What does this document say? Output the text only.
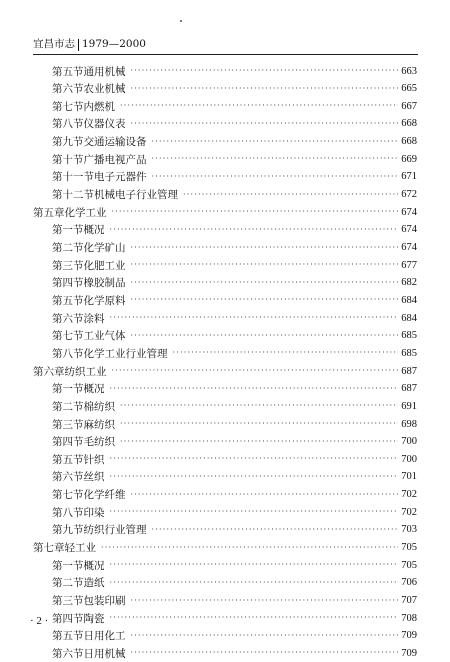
宜昌市志 1979—2000
第五节 通用机械 ·····	663
第六节 农业机械 ·····	665
第七节 内燃机 ·····	667
第八节 仪器仪表 ·····	668
第九节 交通运输设备 ·····	668
第十节 广播电视产品 ·····	669
第十一节 电子元器件 ·····	671
第十二节 机械电子行业管理 ·····	672
第五章 化学工业 ·····	674
第一节 概况 ·····	674
第二节 化学矿山 ·····	674
第三节 化肥工业 ·····	677
第四节 橡胶制品 ·····	682
第五节 化学原料 ·····	684
第六节 涂料 ·····	684
第七节 工业气体 ·····	685
第八节 化学工业行业管理 ·····	685
第六章 纺织工业 ·····	687
第一节 概况 ·····	687
第二节 棉纺织 ·····	691
第三节 麻纺织 ·····	698
第四节 毛纺织 ·····	700
第五节 针织 ·····	700
第六节 丝织 ·····	701
第七节 化学纤维 ·····	702
第八节 印染 ·····	702
第九节 纺织行业管理 ·····	703
第七章 轻工业 ·····	705
第一节 概况 ·····	705
第二节 造纸 ·····	706
第三节 包装印刷 ·····	707
第四节 陶瓷 ·····	708
第五节 日用化工 ·····	709
第六节 日用机械 ·····	709
· 2 ·
